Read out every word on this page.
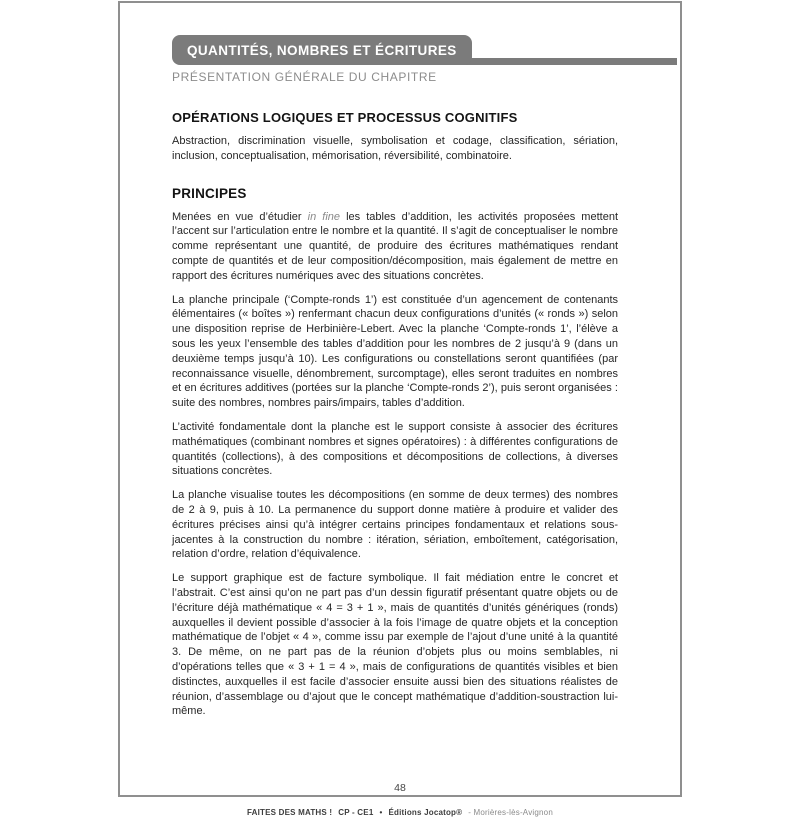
QUANTITÉS, NOMBRES ET ÉCRITURES
PRÉSENTATION GÉNÉRALE DU CHAPITRE
OPÉRATIONS LOGIQUES ET PROCESSUS COGNITIFS

Abstraction, discrimination visuelle, symbolisation et codage, classification, sériation, inclusion, conceptualisation, mémorisation, réversibilité, combinatoire.

PRINCIPES

Menées en vue d’étudier in fine les tables d’addition, les activités proposées mettent l’accent sur l’articulation entre le nombre et la quantité. Il s’agit de conceptualiser le nombre comme représentant une quantité, de produire des écritures mathématiques rendant compte de quantités et de leur composition/décomposition, mais également de mettre en rapport des écritures numériques avec des situations concrètes.

La planche principale (‘Compte-ronds 1’) est constituée d’un agencement de contenants élémentaires (« boîtes ») renfermant chacun deux configurations d’unités (« ronds ») selon une disposition reprise de Herbinière-Lebert. Avec la planche ‘Compte-ronds 1’, l’élève a sous les yeux l’ensemble des tables d’addition pour les nombres de 2 jusqu’à 9 (dans un deuxième temps jusqu’à 10). Les configurations ou constellations seront quantifiées (par reconnaissance visuelle, dénombrement, surcomptage), elles seront traduites en nombres et en écritures additives (portées sur la planche ‘Compte-ronds 2’), puis seront organisées : suite des nombres, nombres pairs/impairs, tables d’addition.

L’activité fondamentale dont la planche est le support consiste à associer des écritures mathématiques (combinant nombres et signes opératoires) : à différentes configurations de quantités (collections), à des compositions et décompositions de collections, à diverses situations concrètes.

La planche visualise toutes les décompositions (en somme de deux termes) des nombres de 2 à 9, puis à 10. La permanence du support donne matière à produire et valider des écritures précises ainsi qu’à intégrer certains principes fondamentaux et relations sous-jacentes à la construction du nombre : itération, sériation, emboîtement, catégorisation, relation d’ordre, relation d’équivalence.

Le support graphique est de facture symbolique. Il fait médiation entre le concret et l’abstrait. C’est ainsi qu’on ne part pas d’un dessin figuratif présentant quatre objets ou de l’écriture déjà mathématique « 4 = 3 + 1 », mais de quantités d’unités génériques (ronds) auxquelles il devient possible d’associer à la fois l’image de quatre objets et la conception mathématique de l’objet « 4 », comme issu par exemple de l’ajout d’une unité à la quantité 3. De même, on ne part pas de la réunion d’objets plus ou moins semblables, ni d’opérations telles que « 3 + 1 = 4 », mais de configurations de quantités visibles et bien distinctes, auxquelles il est facile d’associer ensuite aussi bien des situations réalistes de réunion, d’assemblage ou d’ajout que le concept mathématique d’addition-soustraction lui-même.

48
FAITES DES MATHS ! CP - CE1 • Éditions Jocatop® - Morières-lès-Avignon
